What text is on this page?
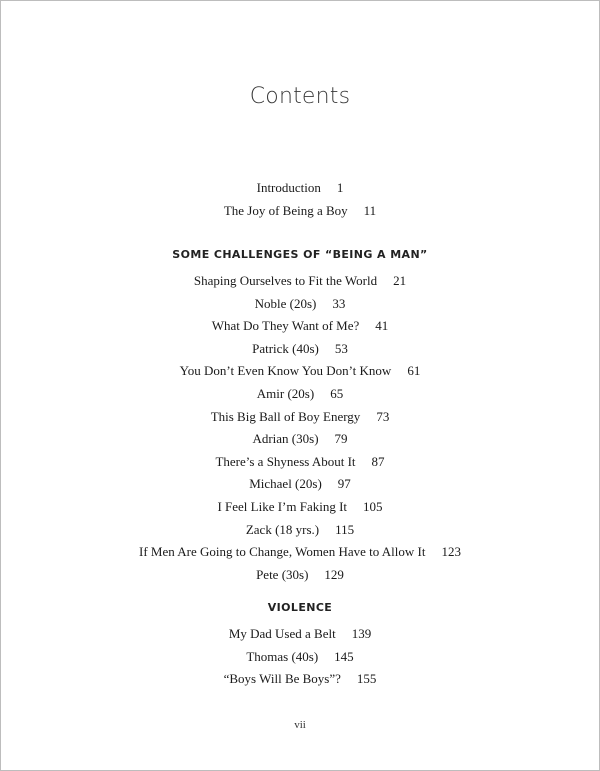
Contents
Introduction 1
The Joy of Being a Boy 11
SOME CHALLENGES OF “BEING A MAN”
Shaping Ourselves to Fit the World 21
Noble (20s) 33
What Do They Want of Me? 41
Patrick (40s) 53
You Don’t Even Know You Don’t Know 61
Amir (20s) 65
This Big Ball of Boy Energy 73
Adrian (30s) 79
There’s a Shyness About It 87
Michael (20s) 97
I Feel Like I’m Faking It 105
Zack (18 yrs.) 115
If Men Are Going to Change, Women Have to Allow It 123
Pete (30s) 129
VIOLENCE
My Dad Used a Belt 139
Thomas (40s) 145
“Boys Will Be Boys”? 155
vii
